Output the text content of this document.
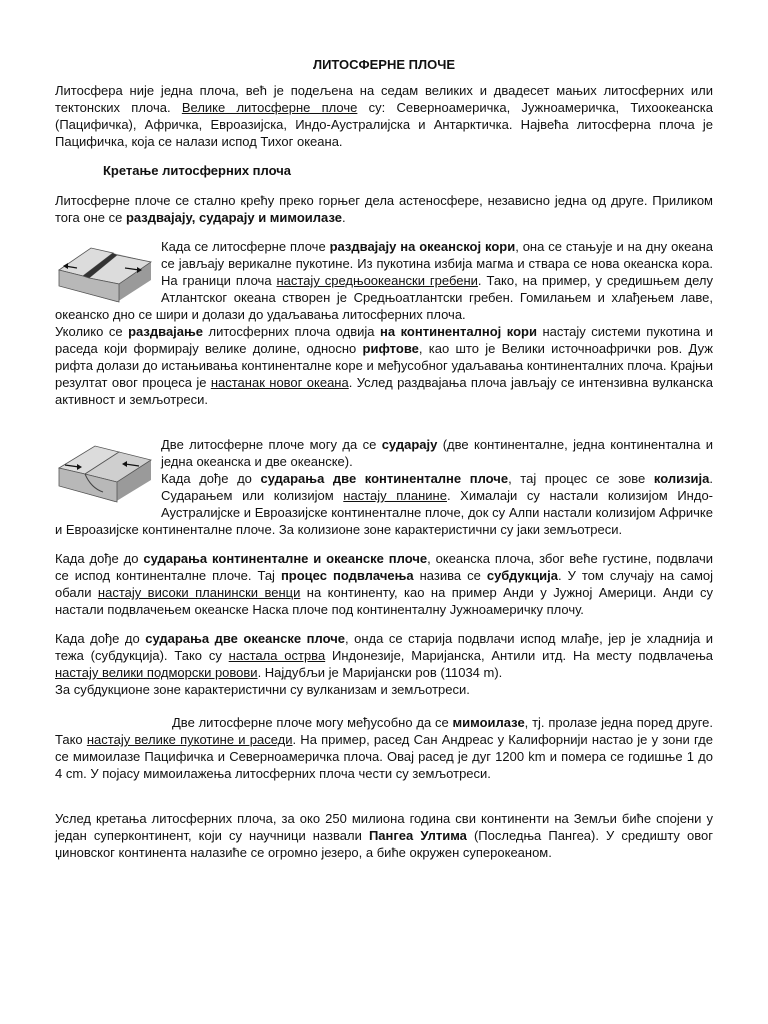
ЛИТОСФЕРНЕ ПЛОЧЕ

Литосфера није једна плоча, већ је подељена на седам великих и двадесет мањих литосферних или тектонских плоча. Велике литосферне плоче су: Северноамеричка, Јужноамеричка, Тихоокеанска (Пацифичка), Афричка, Евроазијска, Индо-Аустралијска и Антарктичка. Највећа литосферна плоча је Пацифичка, која се налази испод Тихог океана.

Кретање литосферних плоча

Литосферне плоче се стално крећу преко горњег дела астеносфере, независно једна од друге. Приликом тога оне се раздвајају, сударају и мимоилазе.

Када се литосферне плоче раздвајају на океанској кори, она се стањује и на дну океана се јављају верикалне пукотине. Из пукотина избија магма и ствара се нова океанска кора. На граници плоча настају средњоокеански гребени. Тако, на пример, у средишњем делу Атлантског океана створен је Средњоатлантски гребен. Гомилањем и хлађењем лаве, океанско дно се шири и долази до удаљавања литосферних плоча.

Уколико се раздвајање литосферних плоча одвија на континенталној кори настају системи пукотина и раседа који формирају велике долине, односно рифтове, као што је Велики источноафрички ров. Дуж рифта долази до истањивања континенталне коре и међусобног удаљавања континенталних плоча. Крајњи резултат овог процеса је настанак новог океана. Услед раздвајања плоча јављају се интензивна вулканска активност и земљотреси.

Две литосферне плоче могу да се сударају (две континенталне, једна континентална и једна океанска и две океанске).

Када дође до сударања две континенталне плоче, тај процес се зове колизија. Сударањем или колизијом настају планине. Хималаји су настали колизијом Индо-Аустралијске и Евроазијске континенталне плоче, док су Алпи настали колизијом Афричке и Евроазијске континенталне плоче. За колизионе зоне карактеристични су јаки земљотреси.

Када дође до сударања континенталне и океанске плоче, океанска плоча, због веће густине, подвлачи се испод континенталне плоче. Тај процес подвлачења назива се субдукција. У том случају на самој обали настају високи планински венци на континенту, као на пример Анди у Јужној Америци. Анди су настали подвлачењем океанске Наска плоче под континенталну Јужноамеричку плочу.

Када дође до сударања две океанске плоче, онда се старија подвлачи испод млађе, јер је хладнија и тежа (субдукција). Тако су настала острва Индонезије, Маријанска, Антили итд. На месту подвлачења настају велики подморски ровови. Најдубљи је Маријански ров (11034 m).

За субдукционе зоне карактеристични су вулканизам и земљотреси.

Две литосферне плоче могу међусобно да се мимоилазе, тј. пролазе једна поред друге. Тако настају велике пукотине и раседи. На пример, расед Сан Андреас у Калифорнији настао је у зони где се мимоилазе Пацифичка и Северноамеричка плоча. Овај расед је дуг 1200 km и помера се годишње 1 до 4 cm. У појасу мимоилажења литосферних плоча чести су земљотреси.

Услед кретања литосферних плоча, за око 250 милиона година сви континенти на Земљи биће спојени у један суперконтинент, који су научници назвали Пангеа Ултима (Последња Пангеа). У средишту овог џиновског континента налазиће се огромно језеро, а биће окружен суперокеаном.
